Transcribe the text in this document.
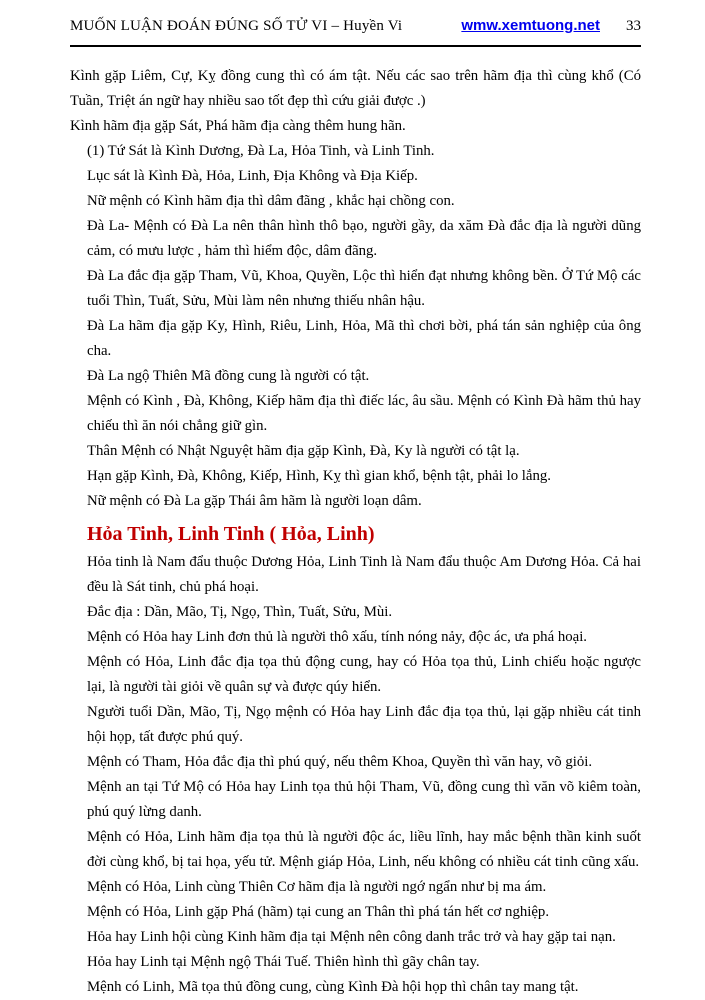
MUỐN LUẬN ĐOÁN ĐÚNG SỐ TỬ VI – Huyền Vi	wmw.xemtuong.net 33

Kình gặp Liêm, Cự, Kỵ đồng cung thì có ám tật. Nếu các sao trên hãm địa thì cùng khổ (Có Tuần, Triệt án ngữ hay nhiều sao tốt đẹp thì cứu giải được .)

Kình hãm địa gặp Sát, Phá hãm địa càng thêm hung hãn.

(1) Tứ Sát là Kình Dương, Đà La, Hỏa Tinh, và Linh Tinh.

Lục sát là Kình Đà, Hỏa, Linh, Địa Không và Địa Kiếp.

Nữ mệnh có Kình hãm địa thì dâm đãng , khắc hại chồng con.

Đà La- Mệnh có Đà La nên thân hình thô bạo, người gầy, da xăm Đà đắc địa là người dũng cảm, có mưu lược , hảm thì hiểm độc, dâm đãng.

Đà La đắc địa gặp Tham, Vũ, Khoa, Quyền, Lộc thì hiển đạt nhưng không bền. Ở Tứ Mộ các tuổi Thìn, Tuất, Sửu, Mùi làm nên nhưng thiếu nhân hậu.

Đà La hãm địa gặp Ky, Hình, Riêu, Linh, Hỏa, Mã thì chơi bời, phá tán sản nghiệp của ông cha.

Đà La ngộ Thiên Mã đồng cung là người có tật.

Mệnh có Kình , Đà, Không, Kiếp hãm địa thì điếc lác, âu sầu. Mệnh có Kình Đà hãm thủ hay chiếu thì ăn nói chẳng giữ gìn.

Thân Mệnh có Nhật Nguyệt hãm địa gặp Kình, Đà, Ky là người có tật lạ.

Hạn gặp Kình, Đà, Không, Kiếp, Hình, Kỵ thì gian khổ, bệnh tật, phải lo lắng.

Nữ mệnh có Đà La gặp Thái âm hãm là người loạn dâm.

Hỏa Tinh, Linh Tinh ( Hỏa, Linh)

Hỏa tinh là Nam đẩu thuộc Dương Hỏa, Linh Tinh là Nam đẩu thuộc Am Dương Hỏa. Cả hai đều là Sát tinh, chủ phá hoại.

Đắc địa : Dần, Mão, Tị, Ngọ, Thìn, Tuất, Sửu, Mùi.

Mệnh có Hỏa hay Linh đơn thủ là người thô xấu, tính nóng nảy, độc ác, ưa phá hoại.

Mệnh có Hỏa, Linh đắc địa tọa thủ động cung, hay có Hỏa tọa thủ, Linh chiếu hoặc ngược lại, là người tài giỏi về quân sự và được qúy hiển.

Người tuổi Dần, Mão, Tị, Ngọ mệnh có Hỏa hay Linh đắc địa tọa thủ, lại gặp nhiều cát tinh hội họp, tất được phú quý.

Mệnh có Tham, Hỏa đắc địa thì phú quý, nếu thêm Khoa, Quyền thì văn hay, võ giỏi.

Mệnh an tại Tứ Mộ có Hỏa hay Linh tọa thủ hội Tham, Vũ, đồng cung thì văn võ kiêm toàn, phú quý lừng danh.

Mệnh có Hỏa, Linh hãm địa tọa thủ là người độc ác, liều lĩnh, hay mắc bệnh thần kinh suốt đời cùng khổ, bị tai họa, yếu tử. Mệnh giáp Hỏa, Linh, nếu không có nhiều cát tinh cũng xấu.

Mệnh có Hỏa, Linh cùng Thiên Cơ hãm địa là người ngớ ngẩn như bị ma ám.

Mệnh có Hỏa, Linh gặp Phá (hãm) tại cung an Thân thì phá tán hết cơ nghiệp.

Hỏa hay Linh hội cùng Kinh hãm địa tại Mệnh nên công danh trắc trở và hay gặp tai nạn.

Hỏa hay Linh tại Mệnh ngộ Thái Tuế. Thiên hình thì gãy chân tay.

Mệnh có Linh, Mã tọa thủ đồng cung, cùng Kình Đà hội họp thì chân tay mang tật.
